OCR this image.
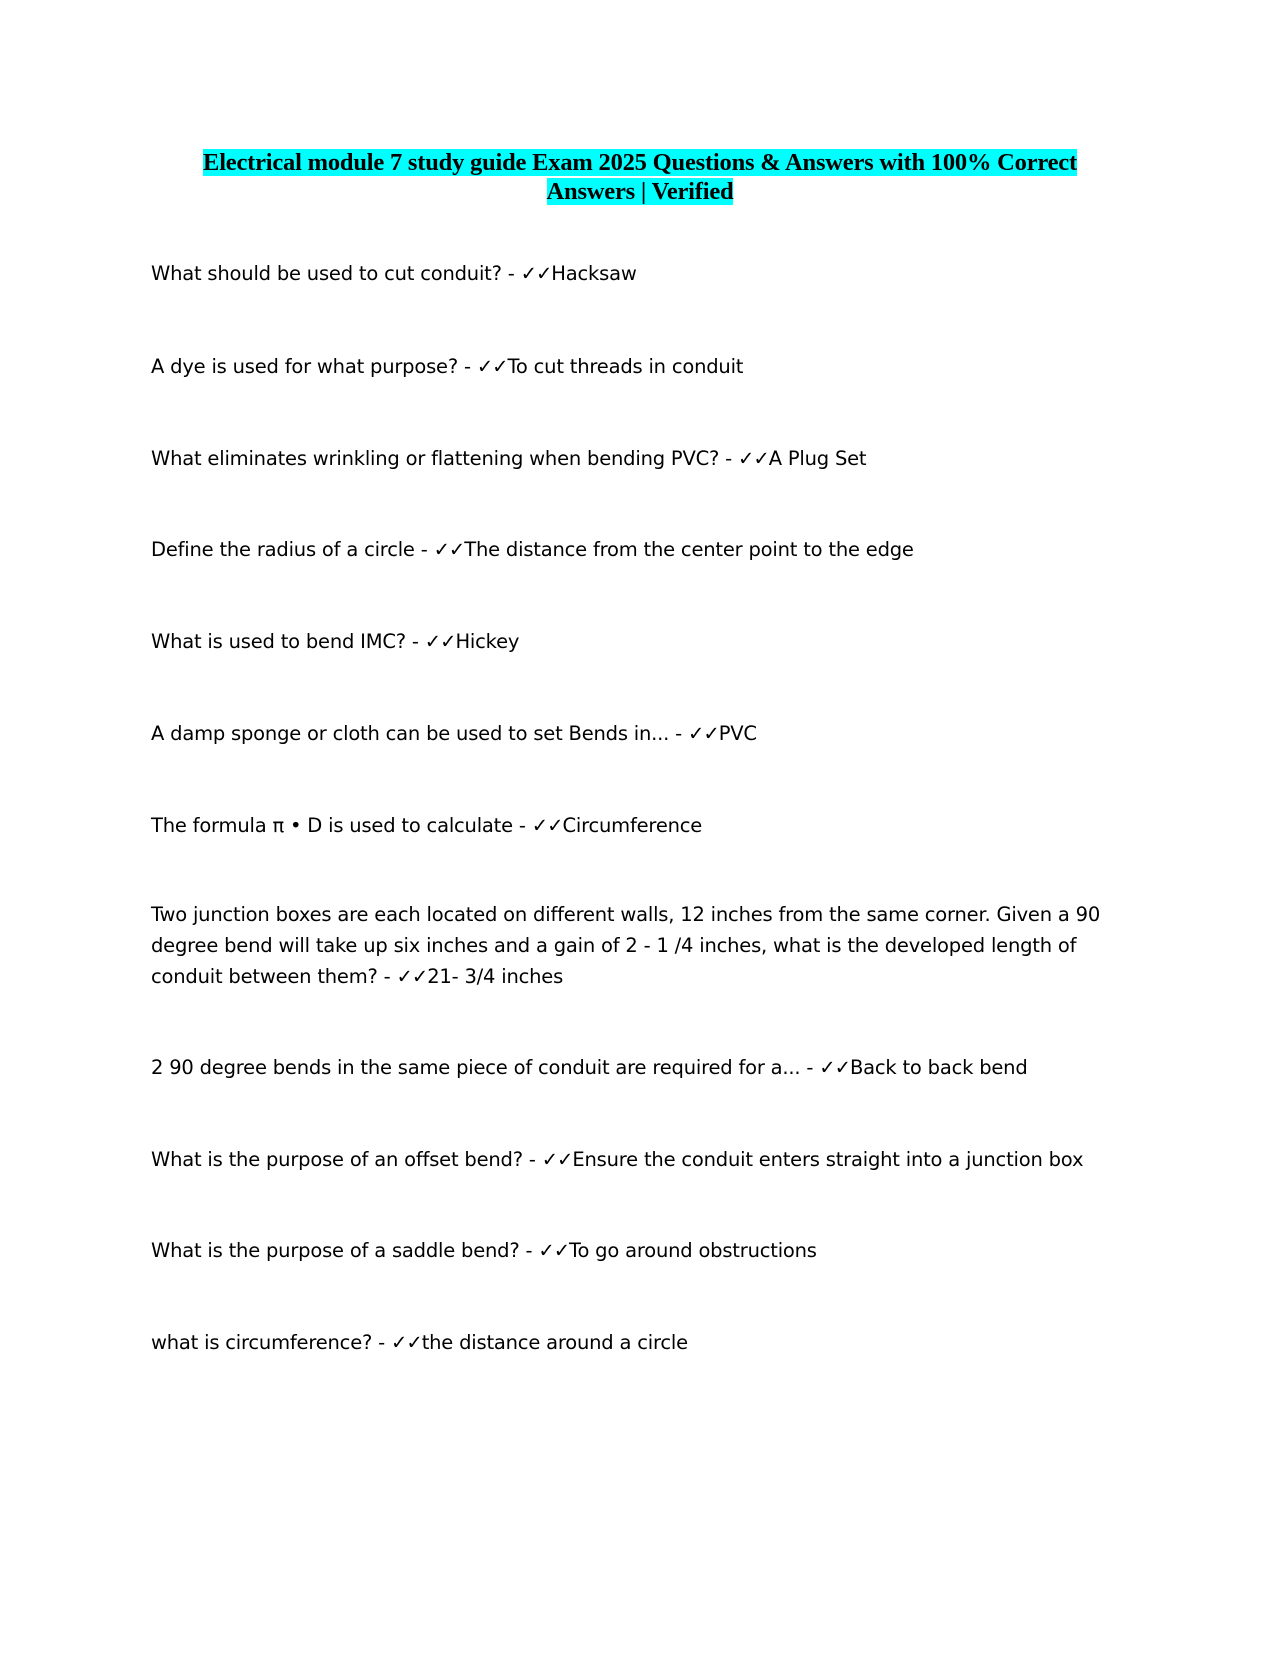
Electrical module 7 study guide Exam 2025 Questions & Answers with 100% Correct
Answers | Verified
What should be used to cut conduit? - ✓✓Hacksaw
A dye is used for what purpose? - ✓✓To cut threads in conduit
What eliminates wrinkling or flattening when bending PVC? - ✓✓A Plug Set
Define the radius of a circle - ✓✓The distance from the center point to the edge
What is used to bend IMC? - ✓✓Hickey
A damp sponge or cloth can be used to set Bends in... - ✓✓PVC
The formula π • D is used to calculate - ✓✓Circumference
Two junction boxes are each located on different walls, 12 inches from the same corner. Given a 90 degree bend will take up six inches and a gain of 2 - 1 /4 inches, what is the developed length of conduit between them? - ✓✓21- 3/4 inches
2 90 degree bends in the same piece of conduit are required for a... - ✓✓Back to back bend
What is the purpose of an offset bend? - ✓✓Ensure the conduit enters straight into a junction box
What is the purpose of a saddle bend? - ✓✓To go around obstructions
what is circumference? - ✓✓the distance around a circle
